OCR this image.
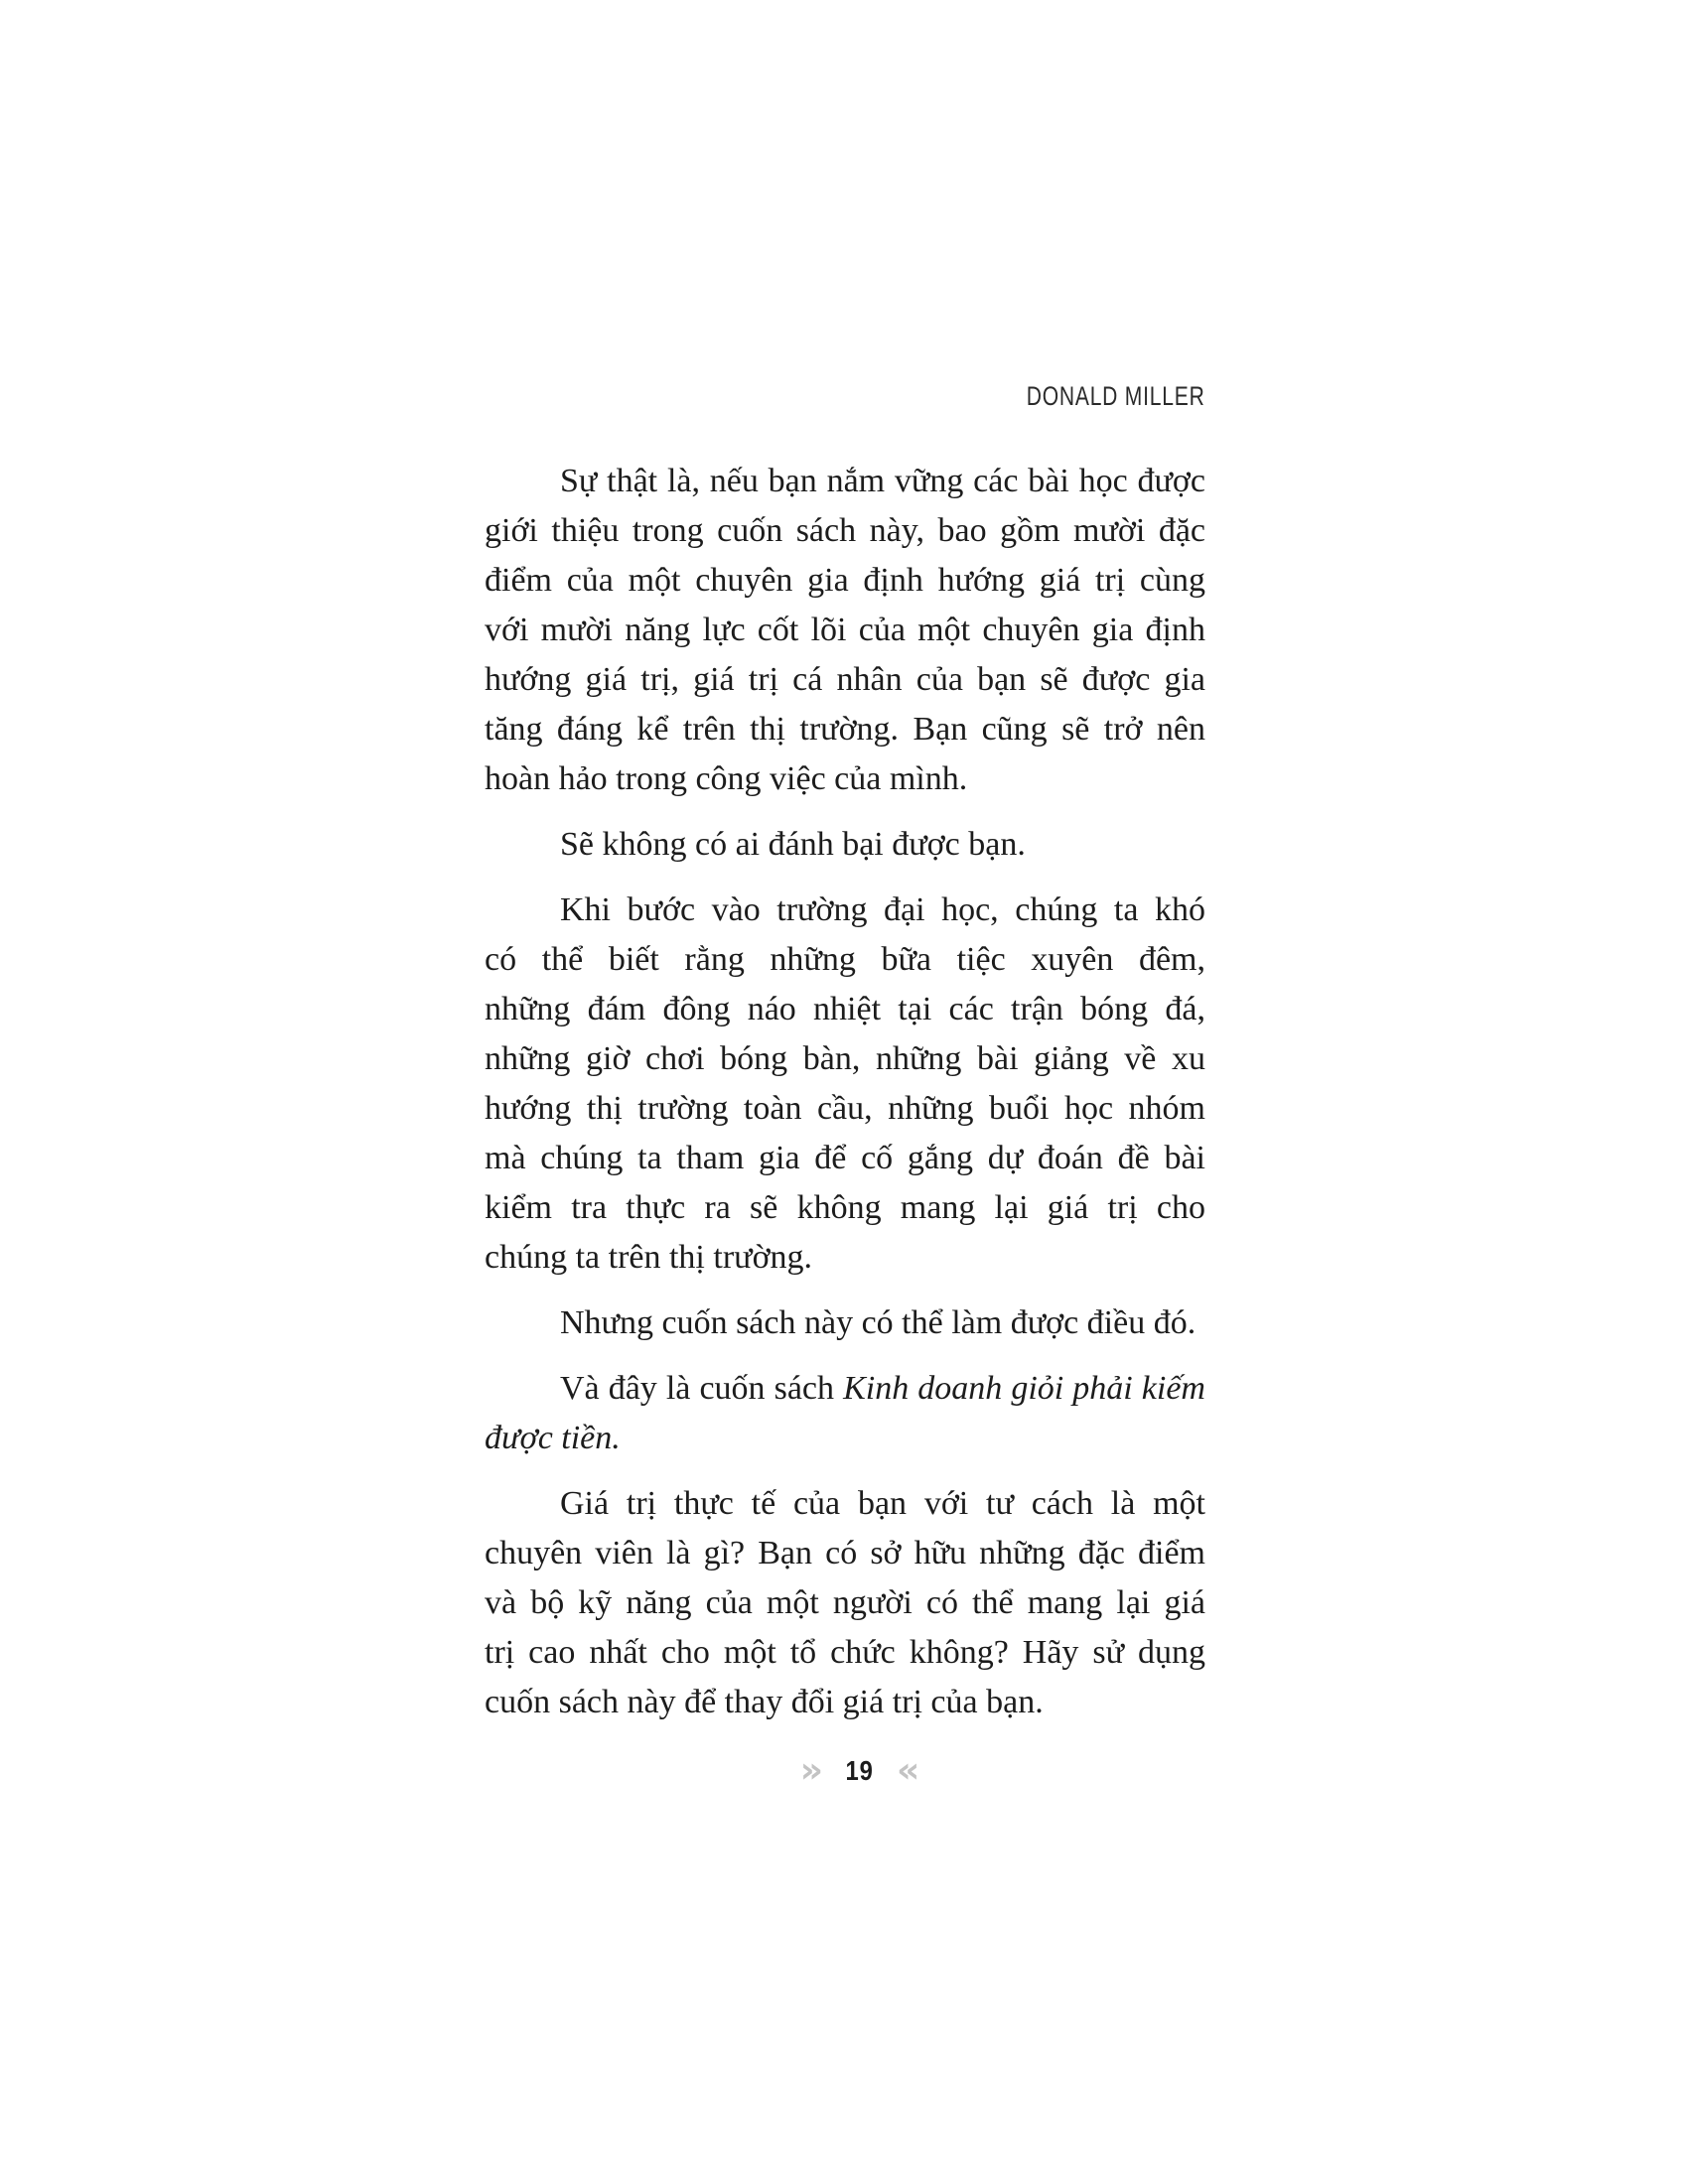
DONALD MILLER
Sự thật là, nếu bạn nắm vững các bài học được
giới thiệu trong cuốn sách này, bao gồm mười đặc
điểm của một chuyên gia định hướng giá trị cùng
với mười năng lực cốt lõi của một chuyên gia định
hướng giá trị, giá trị cá nhân của bạn sẽ được gia
tăng đáng kể trên thị trường. Bạn cũng sẽ trở nên
hoàn hảo trong công việc của mình.
Sẽ không có ai đánh bại được bạn.
Khi bước vào trường đại học, chúng ta khó
có thể biết rằng những bữa tiệc xuyên đêm,
những đám đông náo nhiệt tại các trận bóng đá,
những giờ chơi bóng bàn, những bài giảng về xu
hướng thị trường toàn cầu, những buổi học nhóm
mà chúng ta tham gia để cố gắng dự đoán đề bài
kiểm tra thực ra sẽ không mang lại giá trị cho
chúng ta trên thị trường.
Nhưng cuốn sách này có thể làm được điều đó.
Và đây là cuốn sách Kinh doanh giỏi phải kiếm
được tiền.
Giá trị thực tế của bạn với tư cách là một
chuyên viên là gì? Bạn có sở hữu những đặc điểm
và bộ kỹ năng của một người có thể mang lại giá
trị cao nhất cho một tổ chức không? Hãy sử dụng
cuốn sách này để thay đổi giá trị của bạn.
» 19 «
